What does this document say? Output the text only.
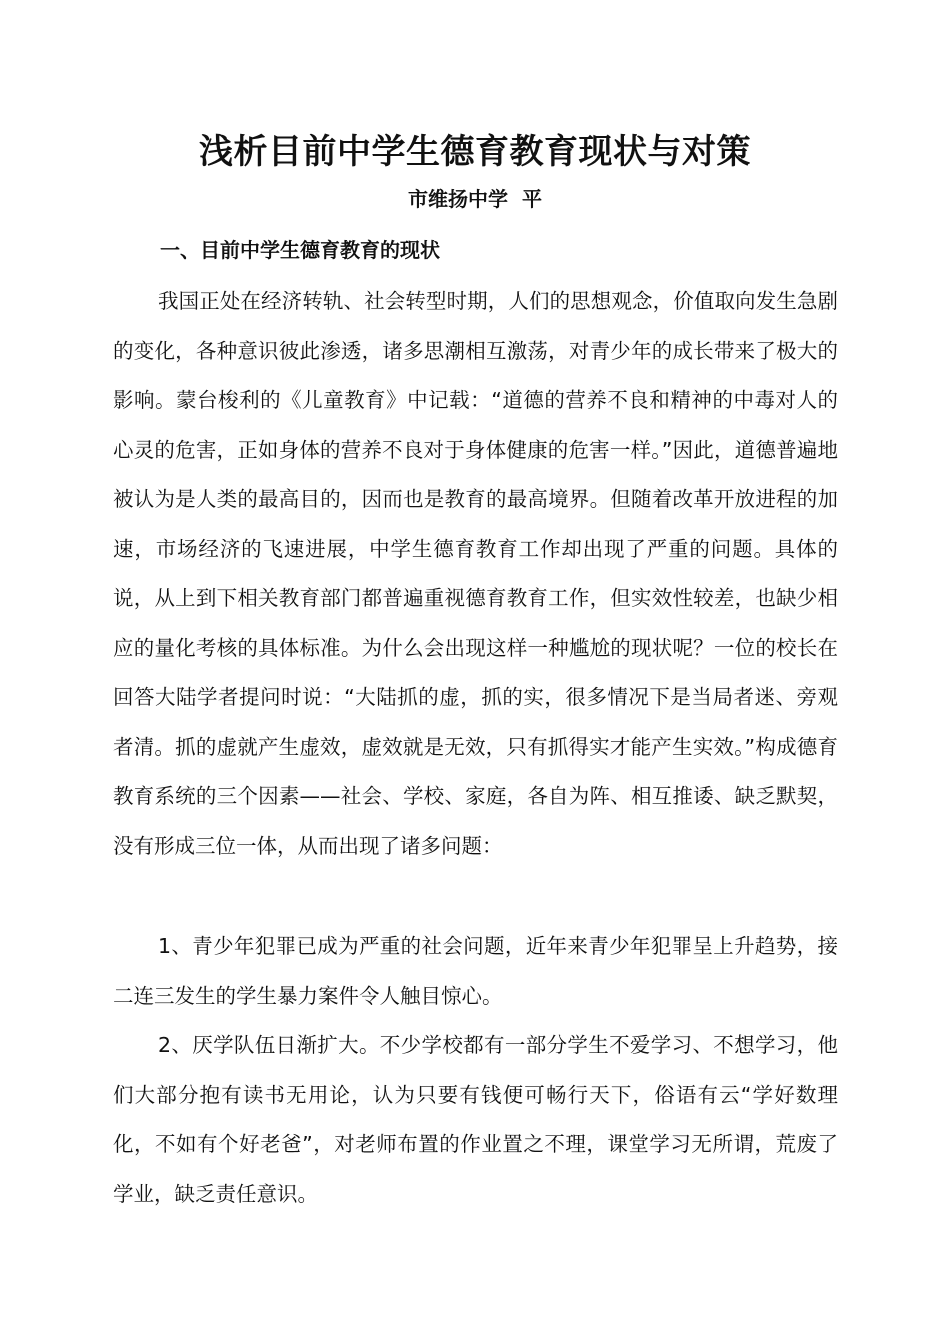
浅析目前中学生德育教育现状与对策
市维扬中学  平
一、目前中学生德育教育的现状

我国正处在经济转轨、社会转型时期，人们的思想观念，价值取向发生急剧的变化，各种意识彼此渗透，诸多思潮相互激荡，对青少年的成长带来了极大的影响。蒙台梭利的《儿童教育》中记载：“道德的营养不良和精神的中毒对人的心灵的危害，正如身体的营养不良对于身体健康的危害一样。”因此，道德普遍地被认为是人类的最高目的，因而也是教育的最高境界。但随着改革开放进程的加速，市场经济的飞速进展，中学生德育教育工作却出现了严重的问题。具体的说，从上到下相关教育部门都普遍重视德育教育工作，但实效性较差，也缺少相应的量化考核的具体标准。为什么会出现这样一种尴尬的现状呢？一位的校长在回答大陆学者提问时说：“大陆抓的虚，抓的实，很多情况下是当局者迷、旁观者清。抓的虚就产生虚效，虚效就是无效，只有抓得实才能产生实效。”构成德育教育系统的三个因素——社会、学校、家庭，各自为阵、相互推诿、缺乏默契，没有形成三位一体，从而出现了诸多问题：

1、青少年犯罪已成为严重的社会问题，近年来青少年犯罪呈上升趋势，接二连三发生的学生暴力案件令人触目惊心。

2、厌学队伍日渐扩大。不少学校都有一部分学生不爱学习、不想学习，他们大部分抱有读书无用论，认为只要有钱便可畅行天下，俗语有云“学好数理化，不如有个好老爸”，对老师布置的作业置之不理，课堂学习无所谓，荒废了学业，缺乏责任意识。
